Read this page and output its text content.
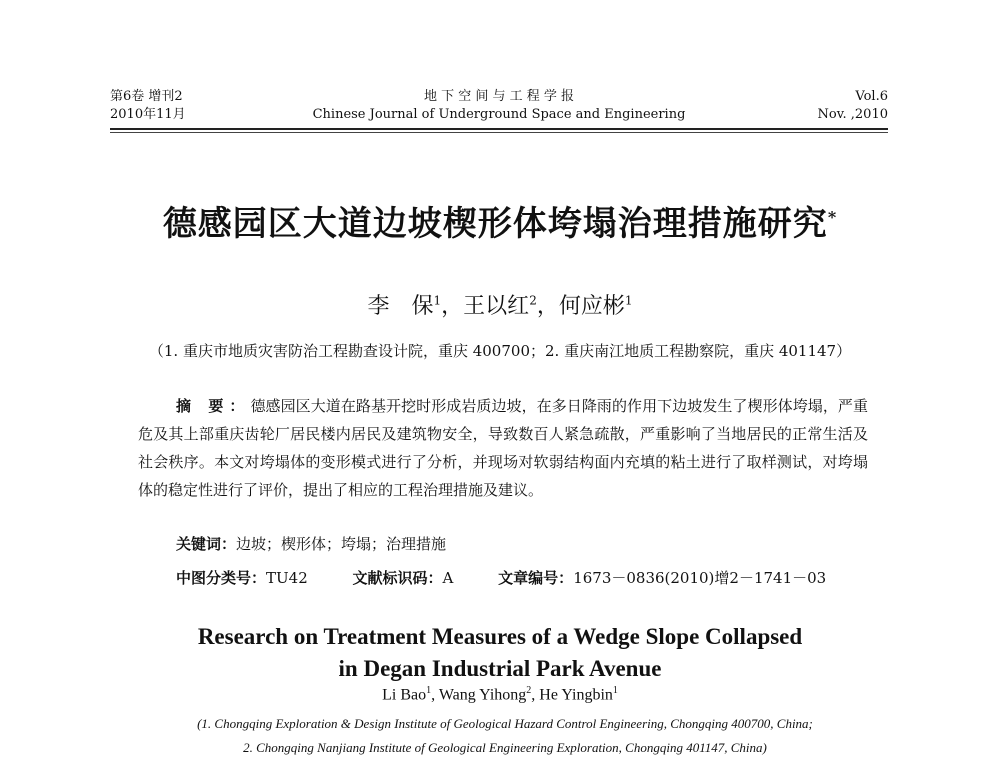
第6卷 增刊2
2010年11月
地 下 空 间 与 工 程 学 报
Chinese Journal of Underground Space and Engineering
Vol.6
Nov. ,2010
德感园区大道边坡楔形体垮塌治理措施研究*
李　保$^1$，王以红$^2$，何应彬$^1$
（1. 重庆市地质灾害防治工程勘查设计院，重庆 400700；2. 重庆南江地质工程勘察院，重庆 401147）
摘 要：德感园区大道在路基开挖时形成岩质边坡，在多日降雨的作用下边坡发生了楔形体垮塌，严重危及其上部重庆齿轮厂居民楼内居民及建筑物安全，导致数百人紧急疏散，严重影响了当地居民的正常生活及社会秩序。本文对垮塌体的变形模式进行了分析，并现场对软弱结构面内充填的粘土进行了取样测试，对垮塌体的稳定性进行了评价，提出了相应的工程治理措施及建议。
关键词：边坡；楔形体；垮塌；治理措施
中图分类号：TU42	文献标识码：A	文章编号：1673－0836(2010)增2－1741－03
Research on Treatment Measures of a Wedge Slope Collapsed
in Degan Industrial Park Avenue
Li Bao$^1$, Wang Yihong$^2$, He Yingbin$^1$
(1. Chongqing Exploration & Design Institute of Geological Hazard Control Engineering, Chongqing 400700, China;
2. Chongqing Nanjiang Institute of Geological Engineering Exploration, Chongqing 401147, China)
